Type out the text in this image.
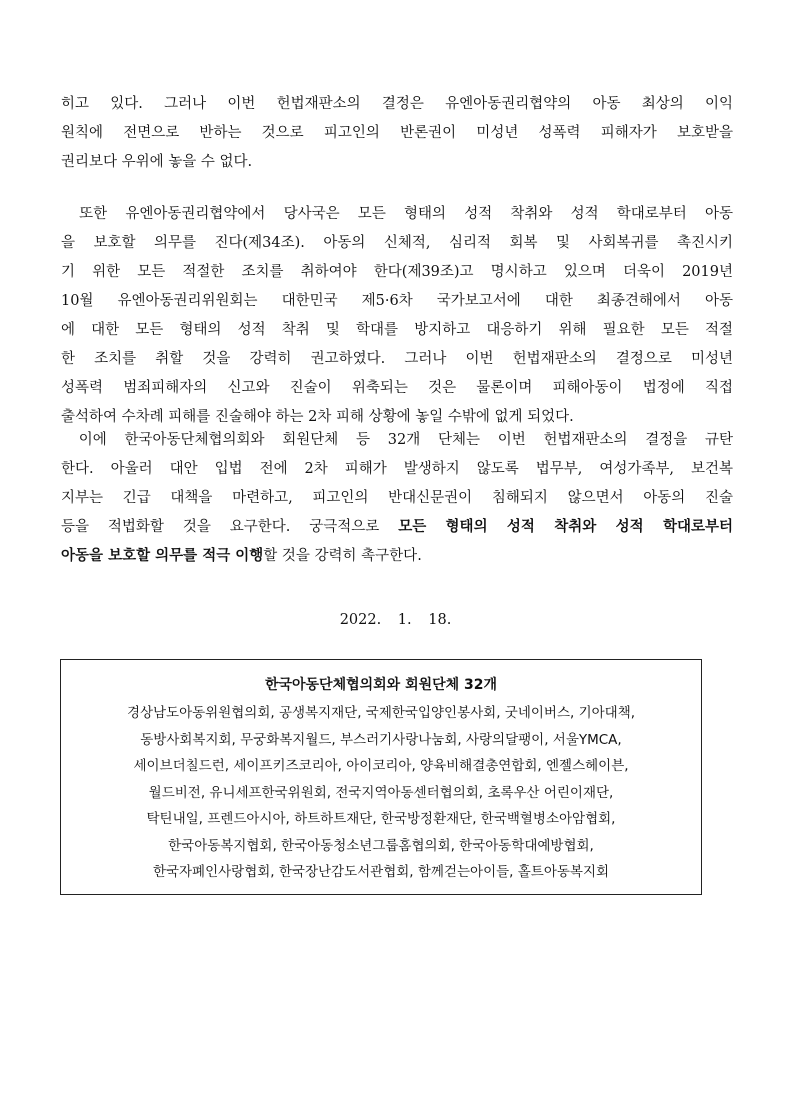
히고 있다. 그러나 이번 헌법재판소의 결정은 유엔아동권리협약의 아동 최상의 이익
원칙에 전면으로 반하는 것으로 피고인의 반론권이 미성년 성폭력 피해자가 보호받을
권리보다 우위에 놓을 수 없다.

또한 유엔아동권리협약에서 당사국은 모든 형태의 성적 착취와 성적 학대로부터 아동
을 보호할 의무를 진다(제34조). 아동의 신체적, 심리적 회복 및 사회복귀를 촉진시키
기 위한 모든 적절한 조치를 취하여야 한다(제39조)고 명시하고 있으며 더욱이 2019년
10월 유엔아동권리위원회는 대한민국 제5·6차 국가보고서에 대한 최종견해에서 아동
에 대한 모든 형태의 성적 착취 및 학대를 방지하고 대응하기 위해 필요한 모든 적절
한 조치를 취할 것을 강력히 권고하였다. 그러나 이번 헌법재판소의 결정으로 미성년
성폭력 범죄피해자의 신고와 진술이 위축되는 것은 물론이며 피해아동이 법정에 직접
출석하여 수차례 피해를 진술해야 하는 2차 피해 상황에 놓일 수밖에 없게 되었다.

이에 한국아동단체협의회와 회원단체 등 32개 단체는 이번 헌법재판소의 결정을 규탄
한다. 아울러 대안 입법 전에 2차 피해가 발생하지 않도록 법무부, 여성가족부, 보건복
지부는 긴급 대책을 마련하고, 피고인의 반대신문권이 침해되지 않으면서 아동의 진술
등을 적법화할 것을 요구한다. 궁극적으로 모든 형태의 성적 착취와 성적 학대로부터
아동을 보호할 의무를 적극 이행할 것을 강력히 촉구한다.

2022. 1. 18.
한국아동단체협의회와 회원단체 32개
경상남도아동위원협의회, 공생복지재단, 국제한국입양인봉사회, 굿네이버스, 기아대책,
동방사회복지회, 무궁화복지월드, 부스러기사랑나눔회, 사랑의달팽이, 서울YMCA,
세이브더칠드런, 세이프키즈코리아, 아이코리아, 양육비해결총연합회, 엔젤스헤이븐,
월드비전, 유니세프한국위원회, 전국지역아동센터협의회, 초록우산 어린이재단,
탁틴내일, 프렌드아시아, 하트하트재단, 한국방정환재단, 한국백혈병소아암협회,
한국아동복지협회, 한국아동청소년그룹홈협의회, 한국아동학대예방협회,
한국자폐인사랑협회, 한국장난감도서관협회, 함께걷는아이들, 홀트아동복지회
